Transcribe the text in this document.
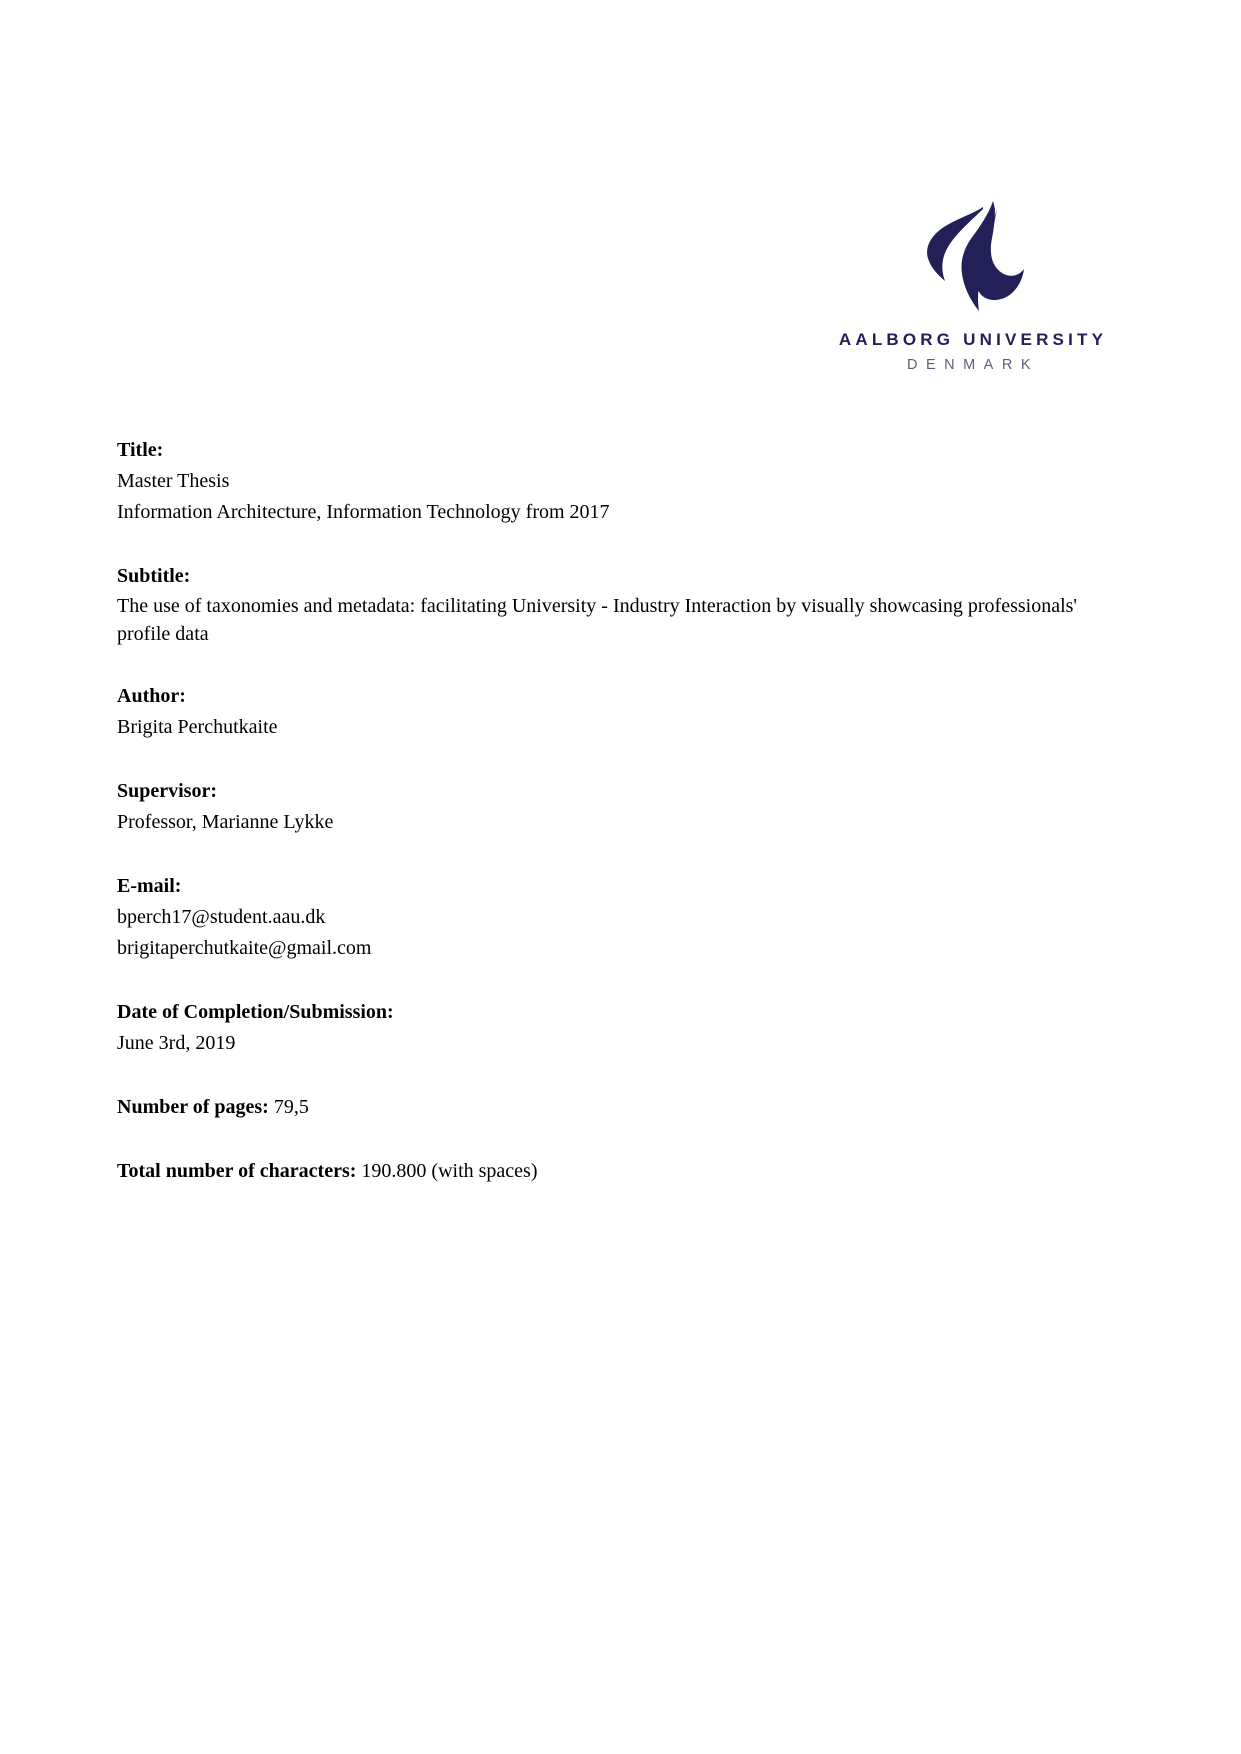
AALBORG UNIVERSITY
DENMARK

Title:

Master Thesis

Information Architecture, Information Technology from 2017

Subtitle:

The use of taxonomies and metadata: facilitating University - Industry Interaction by visually showcasing professionals' profile data

Author:

Brigita Perchutkaite

Supervisor:

Professor, Marianne Lykke

E-mail:

bperch17@student.aau.dk

brigitaperchutkaite@gmail.com

Date of Completion/Submission:

June 3rd, 2019

Number of pages: 79,5

Total number of characters: 190.800 (with spaces)
